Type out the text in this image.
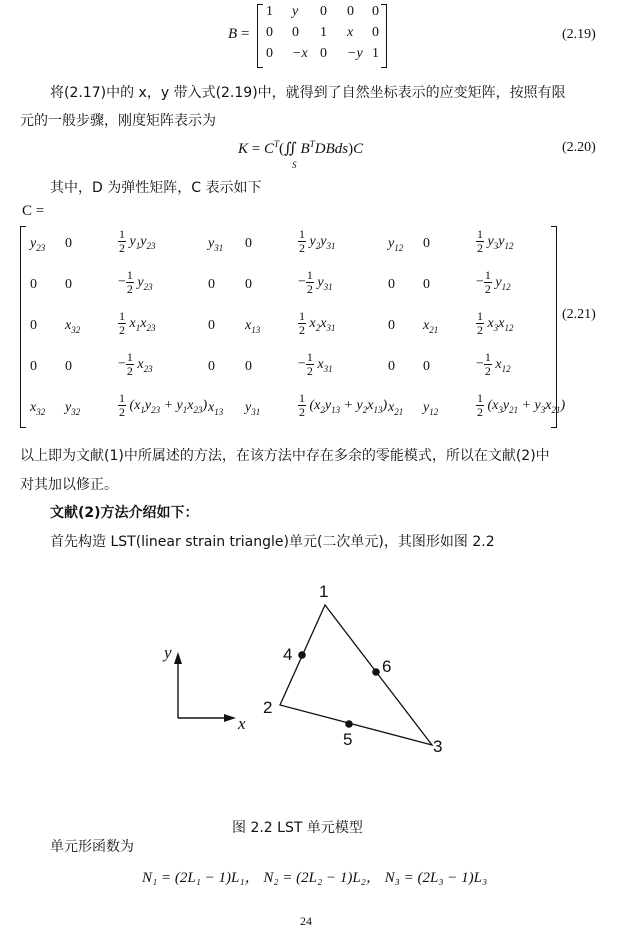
B =
1 y 0 0 0
0 0 1 x 0
0 −x 0 −y 1
(2.19)
将(2.17)中的 x，y 带入式(2.19)中，就得到了自然坐标表示的应变矩阵，按照有限
元的一般步骤，刚度矩阵表示为
$K = C^T(∬$ $B^TDBds)C$
S
(2.20)
其中，D 为弹性矩阵，C 表示如下
C =
$y_{23}$ 0	$\frac{1}{2} y_1y_{23}$	$y_{31}$ 0	$\frac{1}{2} y_2y_{31}$	$y_{12}$ 0	$\frac{1}{2} y_3y_{12}$
0 0	− $\frac{1}{2} y_{23}$	0 0	− $\frac{1}{2} y_{31}$	0 0	− $\frac{1}{2} y_{12}$
0 $x_{32}$	$\frac{1}{2} x_1x_{23}$	0 $x_{13}$	$\frac{1}{2} x_2x_{31}$	0 $x_{21}$	$\frac{1}{2} x_3x_{12}$
0 0	− $\frac{1}{2} x_{23}$	0 0	− $\frac{1}{2} x_{31}$	0 0	− $\frac{1}{2} x_{12}$
$x_{32}$ $y_{32}$	$\frac{1}{2} (x_1y_{23} + y_1x_{23})$ $x_{13}$ $y_{31}$	$\frac{1}{2} (x_2y_{13} + y_2x_{13})$ $x_{21}$ $y_{12}$	$\frac{1}{2} (x_3y_{21} + y_3x_{21})$
(2.21)
以上即为文献(1)中所属述的方法，在该方法中存在多余的零能模式，所以在文献(2)中
对其加以修正。
文献(2)方法介绍如下：
首先构造 LST(linear strain triangle)单元(二次单元)，其图形如图 2.2
y
x
1
2
3
4
5
6
图 2.2 LST 单元模型
单元形函数为
N₁ = (2L₁ − 1)L₁， N₂ = (2L₂ − 1)L₂， N₃ = (2L₃ − 1)L₃
24
